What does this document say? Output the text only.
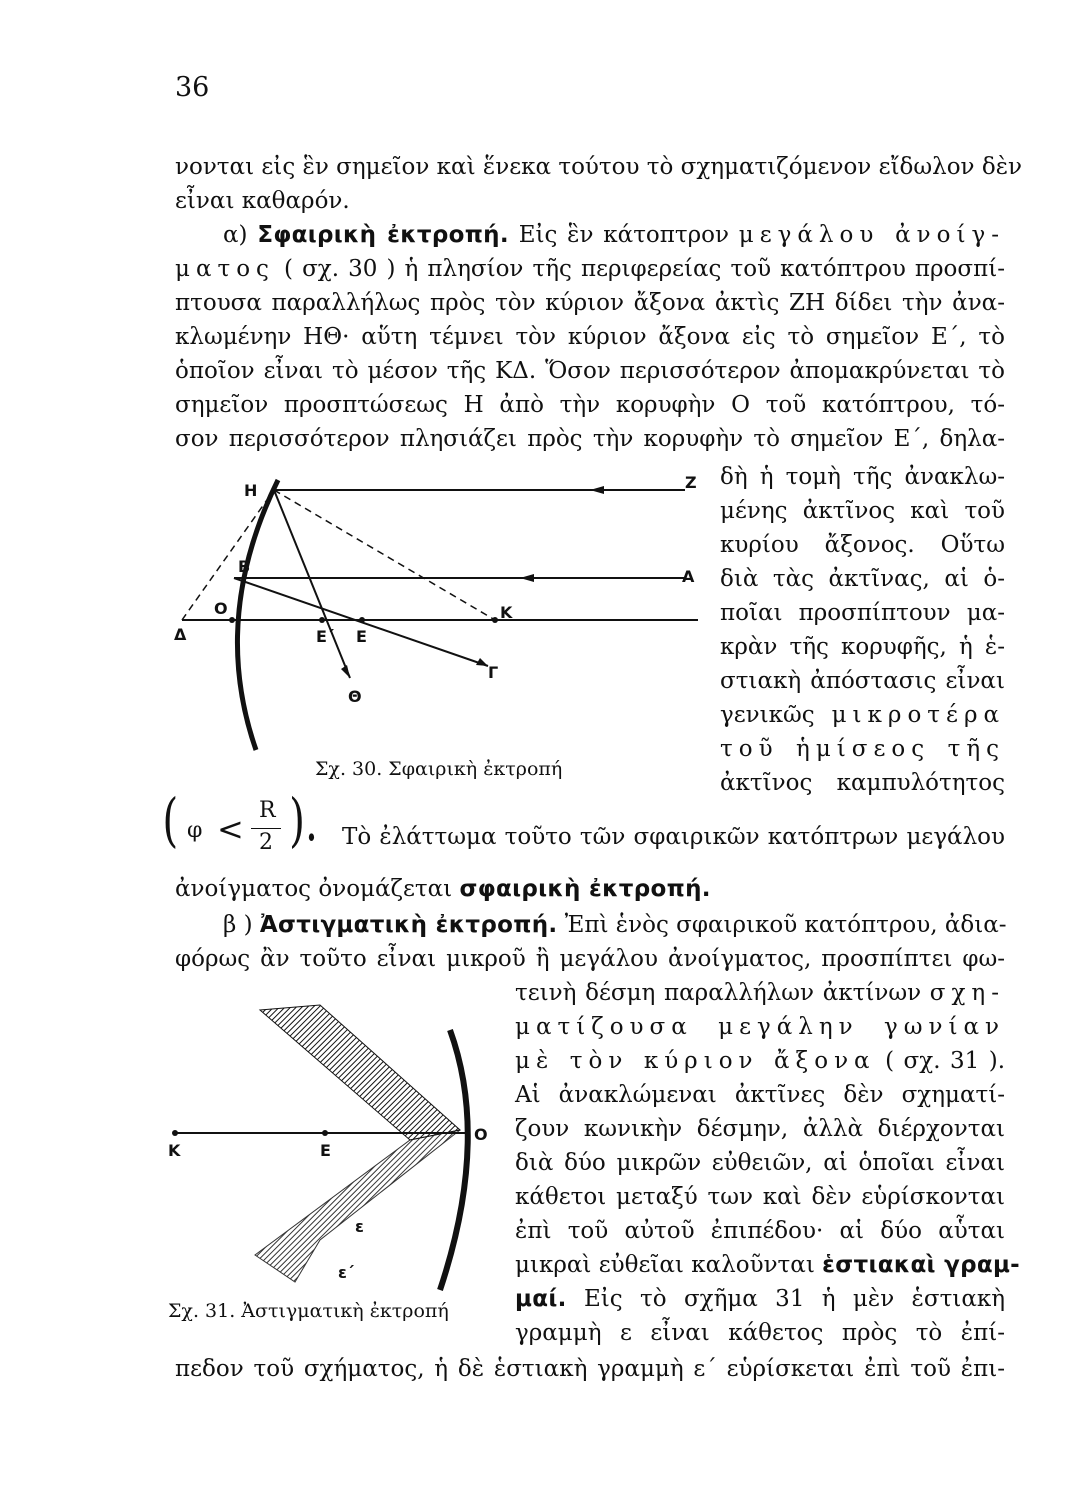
36
νονται εἰς ἓν σημεῖον καὶ ἕνεκα τούτου τὸ σχηματιζόμενον εἴδωλον δὲν
εἶναι καθαρόν.
α) Σφαιρικὴ ἐκτροπή. Εἰς ἓν κάτοπτρον μεγάλου ἀνοίγ-
ματος ( σχ. 30 ) ἡ πλησίον τῆς περιφερείας τοῦ κατόπτρου προσπί-
πτουσα παραλλήλως πρὸς τὸν κύριον ἄξονα ἀκτὶς ΖΗ δίδει τὴν ἀνα-
κλωμένην ΗΘ· αὕτη τέμνει τὸν κύριον ἄξονα εἰς τὸ σημεῖον Ε΄, τὸ
ὁποῖον εἶναι τὸ μέσον τῆς ΚΔ. Ὅσον περισσότερον ἀπομακρύνεται τὸ
σημεῖον προσπτώσεως Η ἀπὸ τὴν κορυφὴν Ο τοῦ κατόπτρου, τό-
σον περισσότερον πλησιάζει πρὸς τὴν κορυφὴν τὸ σημεῖον Ε΄, δηλα-
δὴ ἡ τομὴ τῆς ἀνακλω-
μένης ἀκτῖνος καὶ τοῦ
κυρίου ἄξονος. Οὕτω
διὰ τὰς ἀκτῖνας, αἱ ὁ-
ποῖαι προσπίπτουν μα-
κρὰν τῆς κορυφῆς, ἡ ἑ-
στιακὴ ἀπόστασις εἶναι
γενικῶς μικροτέρα
τοῦ ἡμίσεος τῆς
ἀκτῖνος καμπυλότητος
Η	Ζ
Β
Α
Ο	Κ
Δ	Ε
Ε΄
Γ
Θ
Σχ. 30. Σφαιρικὴ ἐκτροπή
( φ < R
2 ). Τὸ ἐλάττωμα τοῦτο τῶν σφαιρικῶν κατόπτρων μεγάλου
ἀνοίγματος ὀνομάζεται σφαιρικὴ ἐκτροπή.
β ) Ἀστιγματικὴ ἐκτροπή. Ἐπὶ ἑνὸς σφαιρικοῦ κατόπτρου, ἀδια-
φόρως ἂν τοῦτο εἶναι μικροῦ ἢ μεγάλου ἀνοίγματος, προσπίπτει φω-
τεινὴ δέσμη παραλλήλων ἀκτίνων σχη-
ματίζουσα μεγάλην γωνίαν
μὲ τὸν κύριον ἄξονα ( σχ. 31 ).
Αἱ ἀνακλώμεναι ἀκτῖνες δὲν σχηματί-
ζουν κωνικὴν δέσμην, ἀλλὰ διέρχονται
διὰ δύο μικρῶν εὐθειῶν, αἱ ὁποῖαι εἶναι
κάθετοι μεταξύ των καὶ δὲν εὑρίσκονται
ἐπὶ τοῦ αὐτοῦ ἐπιπέδου· αἱ δύο αὗται
μικραὶ εὐθεῖαι καλοῦνται ἑστιακαὶ γραμ-
μαί. Εἰς τὸ σχῆμα 31 ἡ μὲν ἑστιακὴ
γραμμὴ ε εἶναι κάθετος πρὸς τὸ ἐπί-
πεδον τοῦ σχήματος, ἡ δὲ ἑστιακὴ γραμμὴ ε΄ εὑρίσκεται ἐπὶ τοῦ ἐπι-
Κ	Ε
Ο
ε
ε΄
Σχ. 31. Ἀστιγματικὴ ἐκτροπή
